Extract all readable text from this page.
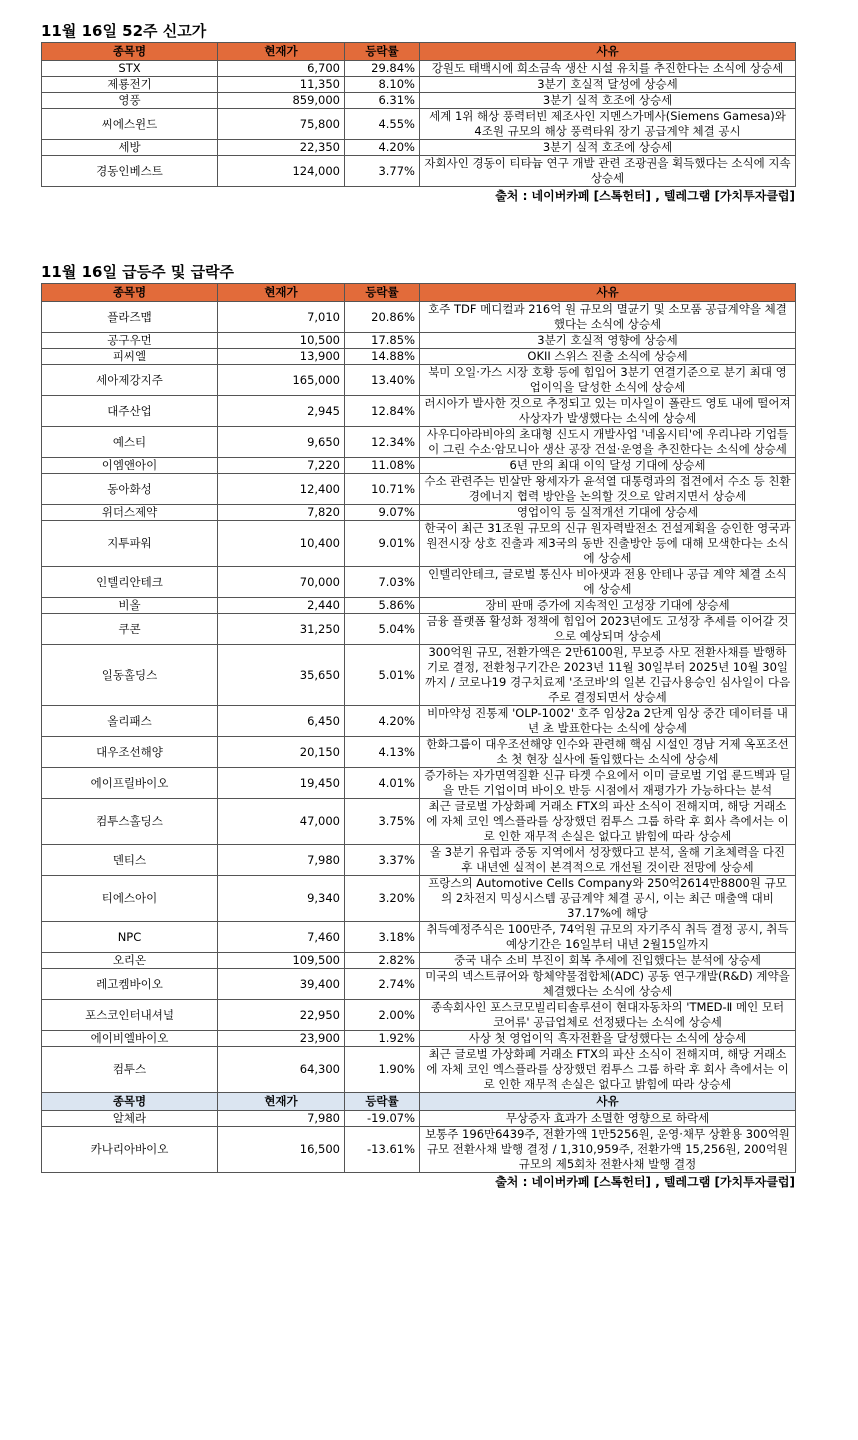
11월 16일 52주 신고가
종목명	현재가	등락률	사유
STX	6,700	29.84%	강원도 태백시에 희소금속 생산 시설 유치를 추진한다는 소식에 상승세
제룡전기	11,350	8.10%	3분기 호실적 달성에 상승세
영풍	859,000	6.31%	3분기 실적 호조에 상승세
씨에스윈드	75,800	4.55%	세계 1위 해상 풍력터빈 제조사인 지멘스가메사(Siemens Gamesa)와 4조원 규모의 해상 풍력타워 장기 공급계약 체결 공시
세방	22,350	4.20%	3분기 실적 호조에 상승세
경동인베스트	124,000	3.77%	자회사인 경동이 티타늄 연구 개발 관련 조광권을 획득했다는 소식에 지속 상승세
출처 : 네이버카페 [스톡헌터] , 텔레그램 [가치투자클럽]
11월 16일 급등주 및 급락주
종목명	현재가	등락률	사유
플라즈맵	7,010	20.86%	호주 TDF 메디컬과 216억 원 규모의 멸균기 및 소모품 공급계약을 체결했다는 소식에 상승세
공구우먼	10,500	17.85%	3분기 호실적 영향에 상승세
피씨엘	13,900	14.88%	OKII 스위스 진출 소식에 상승세
세아제강지주	165,000	13.40%	북미 오일·가스 시장 호황 등에 힘입어 3분기 연결기준으로 분기 최대 영업이익을 달성한 소식에 상승세
대주산업	2,945	12.84%	러시아가 발사한 것으로 추정되고 있는 미사일이 폴란드 영토 내에 떨어져 사상자가 발생했다는 소식에 상승세
예스티	9,650	12.34%	사우디아라비아의 초대형 신도시 개발사업 '네옴시티'에 우리나라 기업들이 그린 수소·암모니아 생산 공장 건설·운영을 추진한다는 소식에 상승세
이엠앤아이	7,220	11.08%	6년 만의 최대 이익 달성 기대에 상승세
동아화성	12,400	10.71%	수소 관련주는 빈살만 왕세자가 윤석열 대통령과의 접견에서 수소 등 친환경에너지 협력 방안을 논의할 것으로 알려지면서 상승세
위더스제약	7,820	9.07%	영업이익 등 실적개선 기대에 상승세
지투파워	10,400	9.01%	한국이 최근 31조원 규모의 신규 원자력발전소 건설계획을 승인한 영국과 원전시장 상호 진출과 제3국의 동반 진출방안 등에 대해 모색한다는 소식에 상승세
인텔리안테크	70,000	7.03%	인텔리안테크, 글로벌 통신사 비아샛과 전용 안테나 공급 계약 체결 소식에 상승세
비올	2,440	5.86%	장비 판매 증가에 지속적인 고성장 기대에 상승세
쿠콘	31,250	5.04%	금융 플랫폼 활성화 정책에 힘입어 2023년에도 고성장 추세를 이어갈 것으로 예상되며 상승세
일동홀딩스	35,650	5.01%	300억원 규모, 전환가액은 2만6100원, 무보증 사모 전환사채를 발행하기로 결정, 전환청구기간은 2023년 11월 30일부터 2025년 10월 30일까지 / 코로나19 경구치료제 '조코바'의 일본 긴급사용승인 심사일이 다음주로 결정되면서 상승세
올리패스	6,450	4.20%	비마약성 진통제 'OLP-1002' 호주 임상2a 2단계 임상 중간 데이터를 내년 초 발표한다는 소식에 상승세
대우조선해양	20,150	4.13%	한화그룹이 대우조선해양 인수와 관련해 핵심 시설인 경남 거제 옥포조선소 첫 현장 실사에 돌입했다는 소식에 상승세
에이프릴바이오	19,450	4.01%	증가하는 자가면역질환 신규 타겟 수요에서 이미 글로벌 기업 룬드벡과 딜을 만든 기업이며 바이오 반등 시점에서 재평가가 가능하다는 분석
컴투스홀딩스	47,000	3.75%	최근 글로벌 가상화폐 거래소 FTX의 파산 소식이 전해지며, 해당 거래소에 자체 코인 엑스플라를 상장했던 컴투스 그룹 하락 후 회사 측에서는 이로 인한 재무적 손실은 없다고 밝힘에 따라 상승세
덴티스	7,980	3.37%	올 3분기 유럽과 중동 지역에서 성장했다고 분석, 올해 기초체력을 다진 후 내년엔 실적이 본격적으로 개선될 것이란 전망에 상승세
티에스아이	9,340	3.20%	프랑스의 Automotive Cells Company와 250억2614만8800원 규모의 2차전지 믹싱시스템 공급계약 체결 공시, 이는 최근 매출액 대비 37.17%에 해당
NPC	7,460	3.18%	취득예정주식은 100만주, 74억원 규모의 자기주식 취득 결정 공시, 취득예상기간은 16일부터 내년 2월15일까지
오리온	109,500	2.82%	중국 내수 소비 부진이 회복 추세에 진입했다는 분석에 상승세
레고켐바이오	39,400	2.74%	미국의 넥스트큐어와 항체약물접합체(ADC) 공동 연구개발(R&D) 계약을 체결했다는 소식에 상승세
포스코인터내셔널	22,950	2.00%	종속회사인 포스코모빌리티솔루션이 현대자동차의 'TMED-Ⅱ 메인 모터 코어류' 공급업체로 선정됐다는 소식에 상승세
에이비엘바이오	23,900	1.92%	사상 첫 영업이익 흑자전환을 달성했다는 소식에 상승세
컴투스	64,300	1.90%	최근 글로벌 가상화폐 거래소 FTX의 파산 소식이 전해지며, 해당 거래소에 자체 코인 엑스플라를 상장했던 컴투스 그룹 하락 후 회사 측에서는 이로 인한 재무적 손실은 없다고 밝힘에 따라 상승세
종목명	현재가	등락률	사유
알체라	7,980	-19.07%	무상증자 효과가 소멸한 영향으로 하락세
카나리아바이오	16,500	-13.61%	보통주 196만6439주, 전환가액 1만5256원, 운영·채무 상환용 300억원 규모 전환사채 발행 결정 / 1,310,959주, 전환가액 15,256원, 200억원 규모의 제5회차 전환사채 발행 결정
출처 : 네이버카페 [스톡헌터] , 텔레그램 [가치투자클럽]
